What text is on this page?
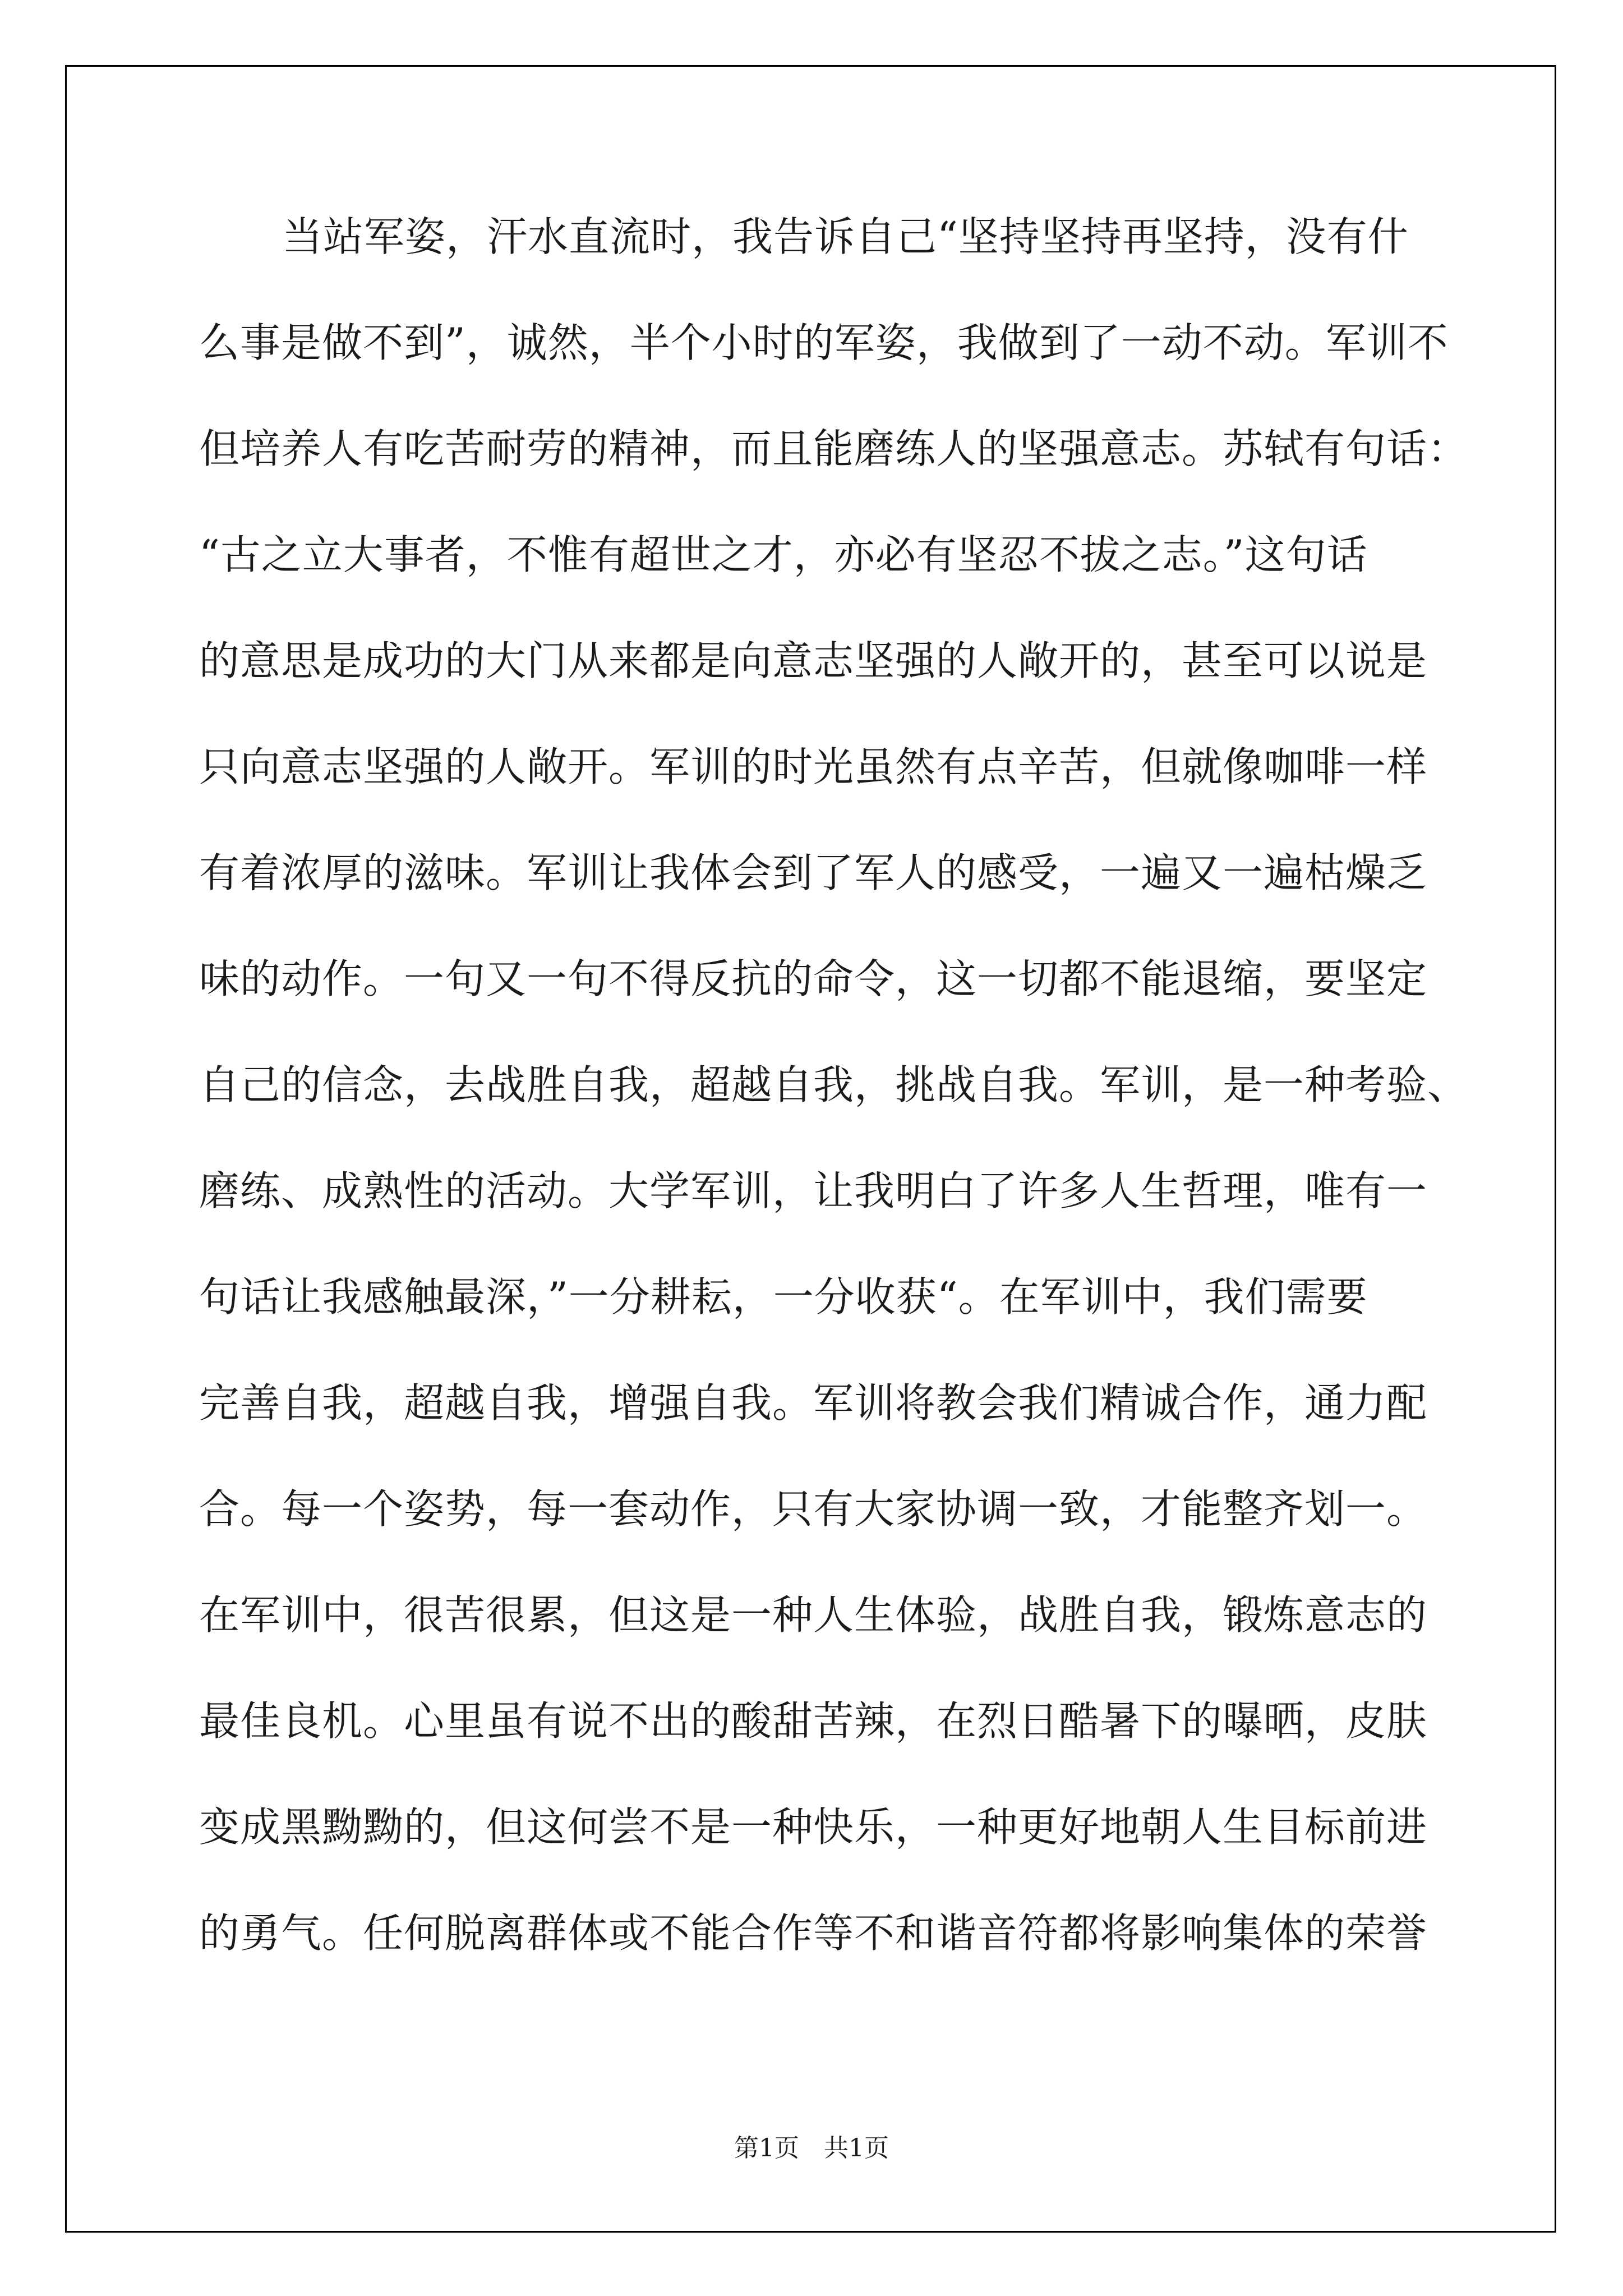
当站军姿，汗水直流时，我告诉自己“坚持坚持再坚持，没有什
么事是做不到”，诚然，半个小时的军姿，我做到了一动不动。军训不
但培养人有吃苦耐劳的精神，而且能磨练人的坚强意志。苏轼有句话：
“古之立大事者，不惟有超世之才，亦必有坚忍不拔之志。”这句话
的意思是成功的大门从来都是向意志坚强的人敞开的，甚至可以说是
只向意志坚强的人敞开。军训的时光虽然有点辛苦，但就像咖啡一样
有着浓厚的滋味。军训让我体会到了军人的感受，一遍又一遍枯燥乏
味的动作。一句又一句不得反抗的命令，这一切都不能退缩，要坚定
自己的信念，去战胜自我，超越自我，挑战自我。军训，是一种考验、
磨练、成熟性的活动。大学军训，让我明白了许多人生哲理，唯有一
句话让我感触最深，”一分耕耘，一分收获“。在军训中，我们需要
完善自我，超越自我，增强自我。军训将教会我们精诚合作，通力配
合。每一个姿势，每一套动作，只有大家协调一致，才能整齐划一。
在军训中，很苦很累，但这是一种人生体验，战胜自我，锻炼意志的
最佳良机。心里虽有说不出的酸甜苦辣，在烈日酷暑下的曝晒，皮肤
变成黑黝黝的，但这何尝不是一种快乐，一种更好地朝人生目标前进
的勇气。任何脱离群体或不能合作等不和谐音符都将影响集体的荣誉
第1页　共1页
